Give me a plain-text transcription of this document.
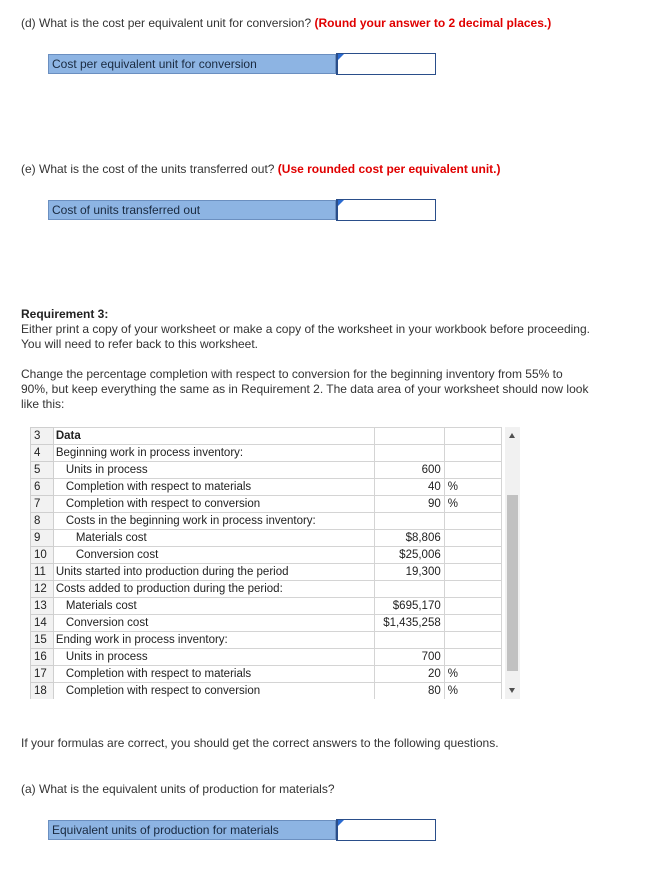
(d) What is the cost per equivalent unit for conversion? (Round your answer to 2 decimal places.)
Cost per equivalent unit for conversion
(e) What is the cost of the units transferred out? (Use rounded cost per equivalent unit.)
Cost of units transferred out
Requirement 3:
Either print a copy of your worksheet or make a copy of the worksheet in your workbook before proceeding.
You will need to refer back to this worksheet.
Change the percentage completion with respect to conversion for the beginning inventory from 55% to
90%, but keep everything the same as in Requirement 2. The data area of your worksheet should now look
like this:
3	Data			
4	Beginning work in process inventory:			
5	Units in process	600		
6	Completion with respect to materials	40	%	
7	Completion with respect to conversion	90	%	
8	Costs in the beginning work in process inventory:			
9	Materials cost	$8,806		
10	Conversion cost	$25,006		
11	Units started into production during the period	19,300		
12	Costs added to production during the period:			
13	Materials cost	$695,170		
14	Conversion cost	$1,435,258		
15	Ending work in process inventory:			
16	Units in process	700		
17	Completion with respect to materials	20	%	
18	Completion with respect to conversion	80	%	
If your formulas are correct, you should get the correct answers to the following questions.
(a) What is the equivalent units of production for materials?
Equivalent units of production for materials
